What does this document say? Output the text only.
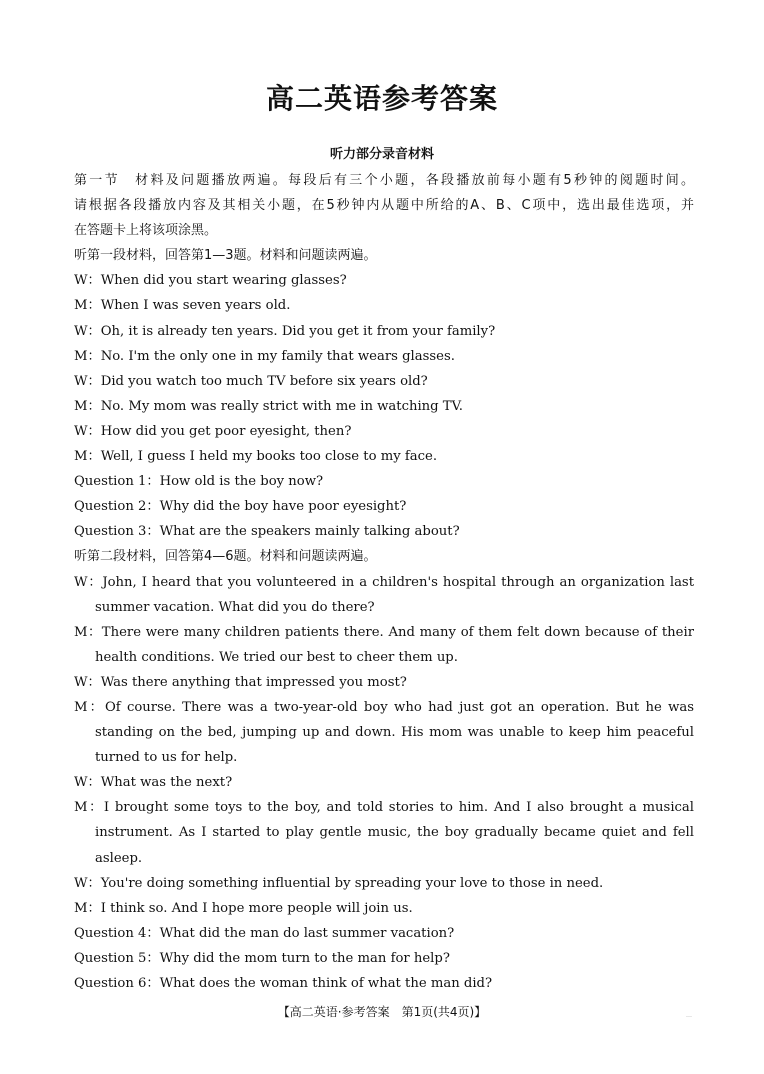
高二英语参考答案
听力部分录音材料
第一节　材料及问题播放两遍。每段后有三个小题，各段播放前每小题有5秒钟的阅题时间。
请根据各段播放内容及其相关小题，在5秒钟内从题中所给的A、B、C项中，选出最佳选项，并
在答题卡上将该项涂黑。
听第一段材料，回答第1—3题。材料和问题读两遍。
W：When did you start wearing glasses?
M：When I was seven years old.
W：Oh, it is already ten years. Did you get it from your family?
M：No. I'm the only one in my family that wears glasses.
W：Did you watch too much TV before six years old?
M：No. My mom was really strict with me in watching TV.
W：How did you get poor eyesight, then?
M：Well, I guess I held my books too close to my face.
Question 1：How old is the boy now?
Question 2：Why did the boy have poor eyesight?
Question 3：What are the speakers mainly talking about?
听第二段材料，回答第4—6题。材料和问题读两遍。
W：John, I heard that you volunteered in a children's hospital through an organization last
summer vacation. What did you do there?
M：There were many children patients there. And many of them felt down because of their
health conditions. We tried our best to cheer them up.
W：Was there anything that impressed you most?
M：Of course. There was a two-year-old boy who had just got an operation. But he was
standing on the bed, jumping up and down. His mom was unable to keep him peaceful
turned to us for help.
W：What was the next?
M：I brought some toys to the boy, and told stories to him. And I also brought a musical
instrument. As I started to play gentle music, the boy gradually became quiet and fell
asleep.
W：You're doing something influential by spreading your love to those in need.
M：I think so. And I hope more people will join us.
Question 4：What did the man do last summer vacation?
Question 5：Why did the mom turn to the man for help?
Question 6：What does the woman think of what the man did?
【高二英语·参考答案　第1页(共4页)】	…
